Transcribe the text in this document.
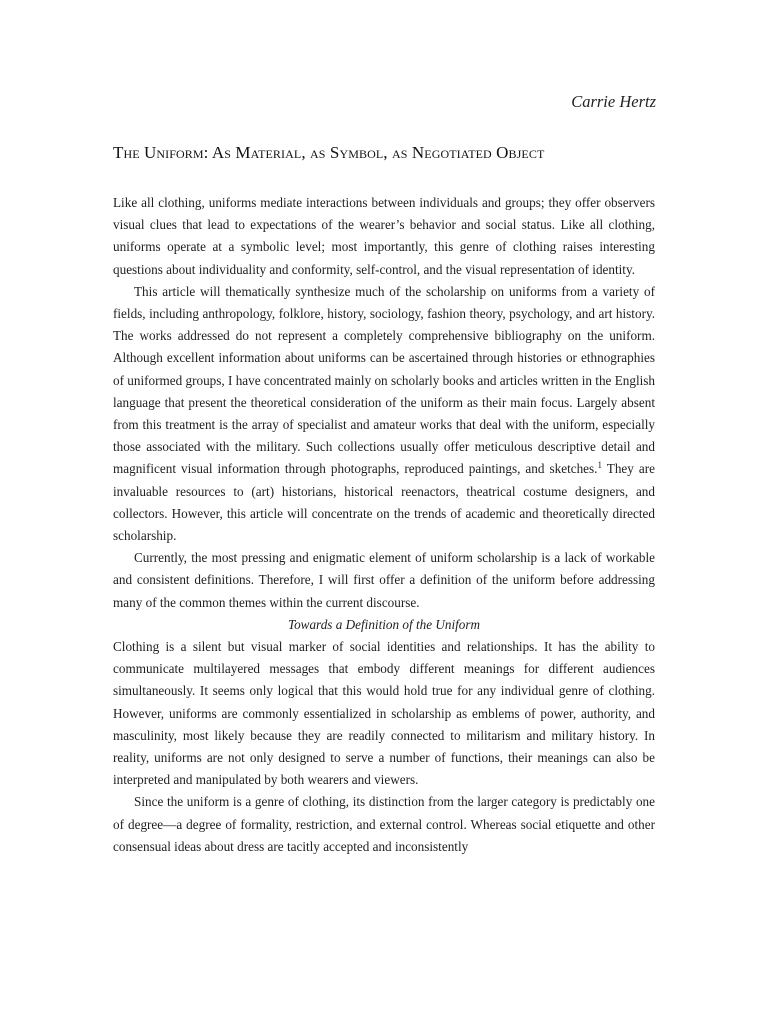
Carrie Hertz
The Uniform: As Material, as Symbol, as Negotiated Object

Like all clothing, uniforms mediate interactions between individuals and groups; they offer observers visual clues that lead to expectations of the wearer’s behavior and social status. Like all clothing, uniforms operate at a symbolic level; most importantly, this genre of clothing raises interesting questions about individuality and conformity, self-control, and the visual representation of identity.

This article will thematically synthesize much of the scholarship on uniforms from a variety of fields, including anthropology, folklore, history, sociology, fashion theory, psychology, and art history. The works addressed do not represent a completely comprehensive bibliography on the uniform. Although excellent information about uniforms can be ascertained through histories or ethnographies of uniformed groups, I have concentrated mainly on scholarly books and articles written in the English language that present the theoretical consideration of the uniform as their main focus. Largely absent from this treatment is the array of specialist and amateur works that deal with the uniform, especially those associated with the military. Such collections usually offer meticulous descriptive detail and magnificent visual information through photographs, reproduced paintings, and sketches.$^1$ They are invaluable resources to (art) historians, historical reenactors, theatrical costume designers, and collectors. However, this article will concentrate on the trends of academic and theoretically directed scholarship.

Currently, the most pressing and enigmatic element of uniform scholarship is a lack of workable and consistent definitions. Therefore, I will first offer a definition of the uniform before addressing many of the common themes within the current discourse.

Towards a Definition of the Uniform

Clothing is a silent but visual marker of social identities and relationships. It has the ability to communicate multilayered messages that embody different meanings for different audiences simultaneously. It seems only logical that this would hold true for any individual genre of clothing. However, uniforms are commonly essentialized in scholarship as emblems of power, authority, and masculinity, most likely because they are readily connected to militarism and military history. In reality, uniforms are not only designed to serve a number of functions, their meanings can also be interpreted and manipulated by both wearers and viewers.

Since the uniform is a genre of clothing, its distinction from the larger category is predictably one of degree—a degree of formality, restriction, and external control. Whereas social etiquette and other consensual ideas about dress are tacitly accepted and inconsistently
